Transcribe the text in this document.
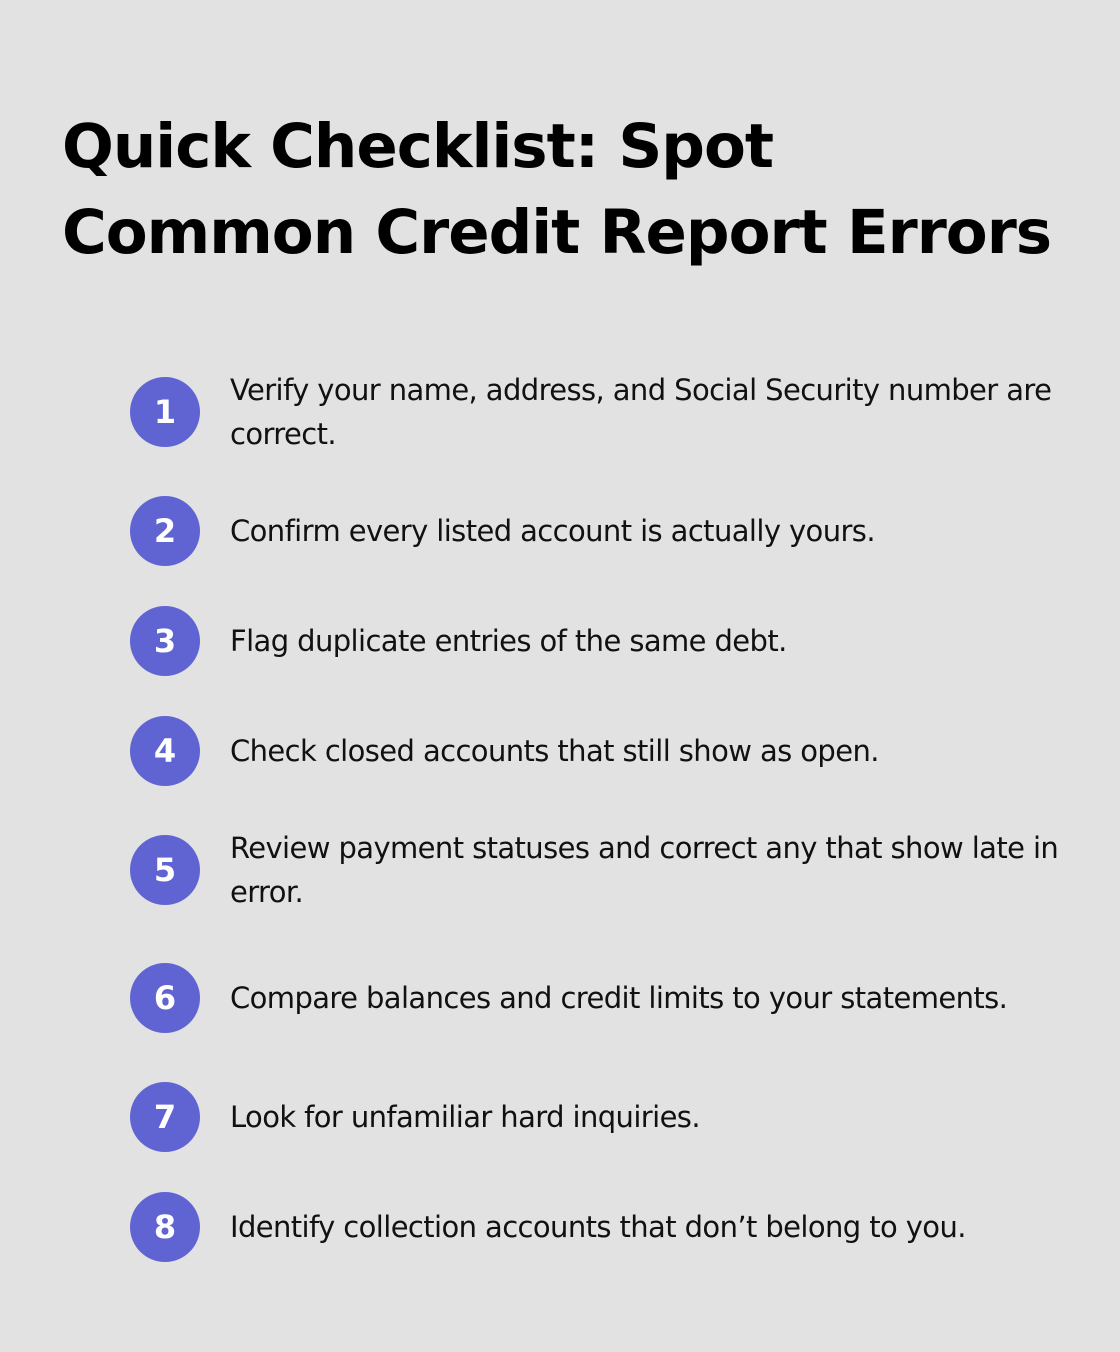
Quick Checklist: Spot Common Credit Report Errors
1
Verify your name, address, and Social Security number are correct.
2	Confirm every listed account is actually yours.
3	Flag duplicate entries of the same debt.
4	Check closed accounts that still show as open.
5
Review payment statuses and correct any that show late in error.
6	Compare balances and credit limits to your statements.
7	Look for unfamiliar hard inquiries.
8	Identify collection accounts that don’t belong to you.
